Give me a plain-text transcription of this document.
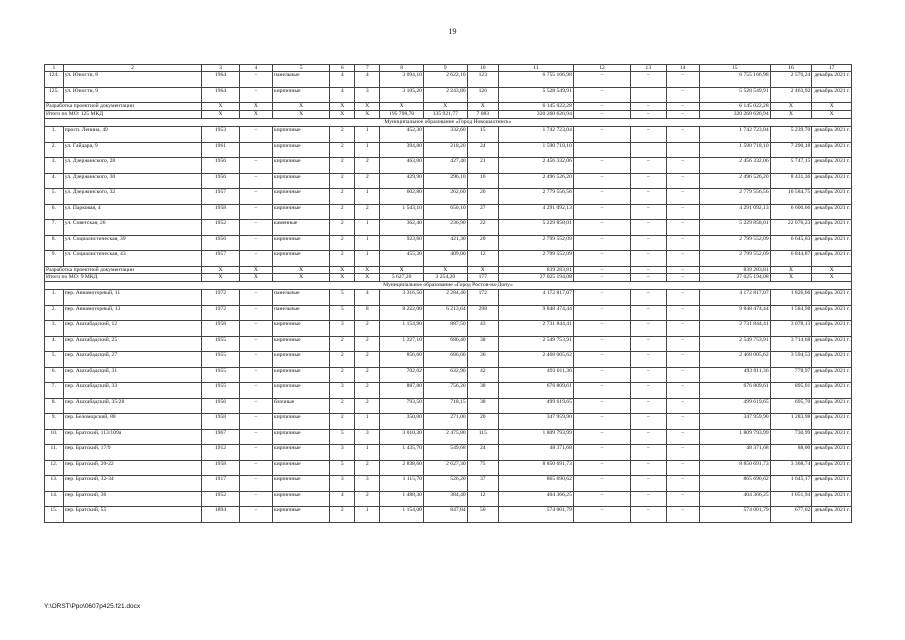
19
1	2	3	4	5	6	7	8	9	10	11	12	13	14	15	16	17
124.	ул. Юности, 8	1964	–	панельные	4	4	3 094,10	2 622,10	123	6 755 166,98	–	–	–	6 755 166,98	2 576,24	декабрь 2021 г.
125.	ул. Юности, 9	1964	–	кирпичные	4	3	3 105,20	2 243,80	126	5 528 549,91	–		–	5 528 549,91	2 463,92	декабрь 2021 г.
Разработка проектной документации		X	X	X	X	X	X	X	X	6 145 022,28	–	–	–	6 145 022,28	X	X
Итого по МО: 125 МКД		X	X	X	X	X	195 798,70	135 921,77	7 083	320 260 626,94	–	–	–	320 260 626,94	X	X
Муниципальное образование «Город Новошахтинск»																
1.	просп. Ленина, 49	1953	–	кирпичные	2	1	452,30	332,60	15	1 742 723,04	–	–	–	1 742 723,04	5 239,70	декабрь 2021 г.
2.	ул. Гайдара, 9	1961		кирпичные	2	1	394,80	218,20	24	1 590 718,10				1 590 718,10	7 290,18	декабрь 2021 г.
3.	ул. Дзержинского, 28	1956	–	кирпичные	2	2	463,00	427,40	21	2 456 332,06	–	–	–	2 456 332,06	5 747,15	декабрь 2021 г.
4.	ул. Дзержинского, 30	1956	–	кирпичные	2	2	429,90	296,10	16	2 496 526,20	–	–	–	2 496 526,20	8 431,36	декабрь 2021 г.
5.	ул. Дзержинского, 32	1957	–	кирпичные	2	1	602,80	262,60	20	2 779 556,56	–	–	–	2 779 556,56	10 584,75	декабрь 2021 г.
6.	ул. Парковая, 4	1958	–	кирпичные	2	2	1 543,10	650,10	27	4 291 092,13	–	–	–	4 291 092,13	6 600,66	декабрь 2021 г.
7.	ул. Советская, 26	1952	–	каменные	2	1	362,40	236,90	22	5 229 858,01	–	–	–	5 229 858,01	22 076,23	декабрь 2021 г.
8.	ул. Социалистическая, 39	1956	–	кирпичные	2	1	923,60	421,30	20	2 799 552,09	–	–	–	2 799 552,09	6 645,03	декабрь 2021 г.
9.	ул. Социалистическая, 43	1957	–	кирпичные	2	1	455,30	409,00	12	2 799 552,09	–	–	–	2 799 552,09	6 844,87	декабрь 2021 г.
Разработка проектной документации		X	X	X	X	X	X	X	X	839 283,81	–	–	–	839 283,81	X	X
Итого по МО: 9 МКД		X	X	X	X	X	5 627,20	3 254,20	177	27 025 194,08	–	–	–	27 025 194,08	X	X
Муниципальное образование «Город Ростов-на-Дону»																
1.	пер. Авиамоторный, 11	1972	–	панельные	5	4	3 316,50	2 284,40	172	4 172 817,07	–	–	–	4 172 817,07	1 826,66	декабрь 2021 г.
2.	пер. Авиамоторный, 13	1972	–	панельные	5	8	8 222,00	6 213,64	298	9 848 474,44	–	–	–	9 848 474,44	1 584,98	декабрь 2021 г.
3.	пер. Ашхабадский, 12	1958	–	кирпичные	3	2	1 154,90	887,50	43	2 731 844,41	–	–	–	2 731 844,41	3 078,13	декабрь 2021 г.
4.	пер. Ашхабадский, 25	1955	–	кирпичные	2	2	1 227,10	686,40	38	2 549 753,91	–	–	–	2 549 753,91	3 714,68	декабрь 2021 г.
5.	пер. Ашхабадский, 27	1955	–	кирпичные	2	2	856,60	686,60	36	2 468 005,62	–	–	–	2 468 005,62	3 594,53	декабрь 2021 г.
6.	пер. Ашхабадский, 31	1955	–	кирпичные	2	2	702,02	632,90	42	493 011,36	–	–	–	493 011,36	778,97	декабрь 2021 г.
7.	пер. Ашхабадский, 33	1955	–	кирпичные	3	2	887,80	756,20	38	676 809,61	–	–	–	676 809,61	895,01	декабрь 2021 г.
8.	пер. Ашхабадский, 35/28	1956	–	блочные	2	2	793,50	718,15	38	499 619,65	–	–	–	499 619,65	695,70	декабрь 2021 г.
9.	пер. Беломорский, 88	1958	–	кирпичные	2	1	350,00	271,00	20	347 959,90	–	–	–	347 959,90	1 283,98	декабрь 2021 г.
10.	пер. Братский, 113/109а	1967	–	кирпичные	5	3	3 010,30	2 475,80	115	1 809 793,99	–	–	–	1 809 793,99	730,99	декабрь 2021 г.
11.	пер. Братский, 17/9	1912	–	кирпичные	3	1	1 435,70	549,68	24	48 371,68	–	–	–	48 371,68	88,00	декабрь 2021 г.
12.	пер. Братский, 20-22	1958	–	кирпичные	5	2	2 838,60	2 627,30	75	8 850 691,73	–	–	–	8 850 691,73	3 368,74	декабрь 2021 г.
13.	пер. Братский, 32-34	1917	–	кирпичные	3	3	1 115,70	526,20	37	865 690,62	–	–	–	865 690,62	1 645,17	декабрь 2021 г.
14.	пер. Братский, 36	1952	–	кирпичные	4	2	1 488,30	384,40	12	404 366,25	–	–	–	404 366,25	1 051,94	декабрь 2021 г.
15.	пер. Братский, 55	1894	–	кирпичные	2	1	1 154,00	847,84	50	574 001,79	–	–	–	574 001,79	677,02	декабрь 2021 г.
Y:\ORST\Ppo\0607p425.f21.docx
